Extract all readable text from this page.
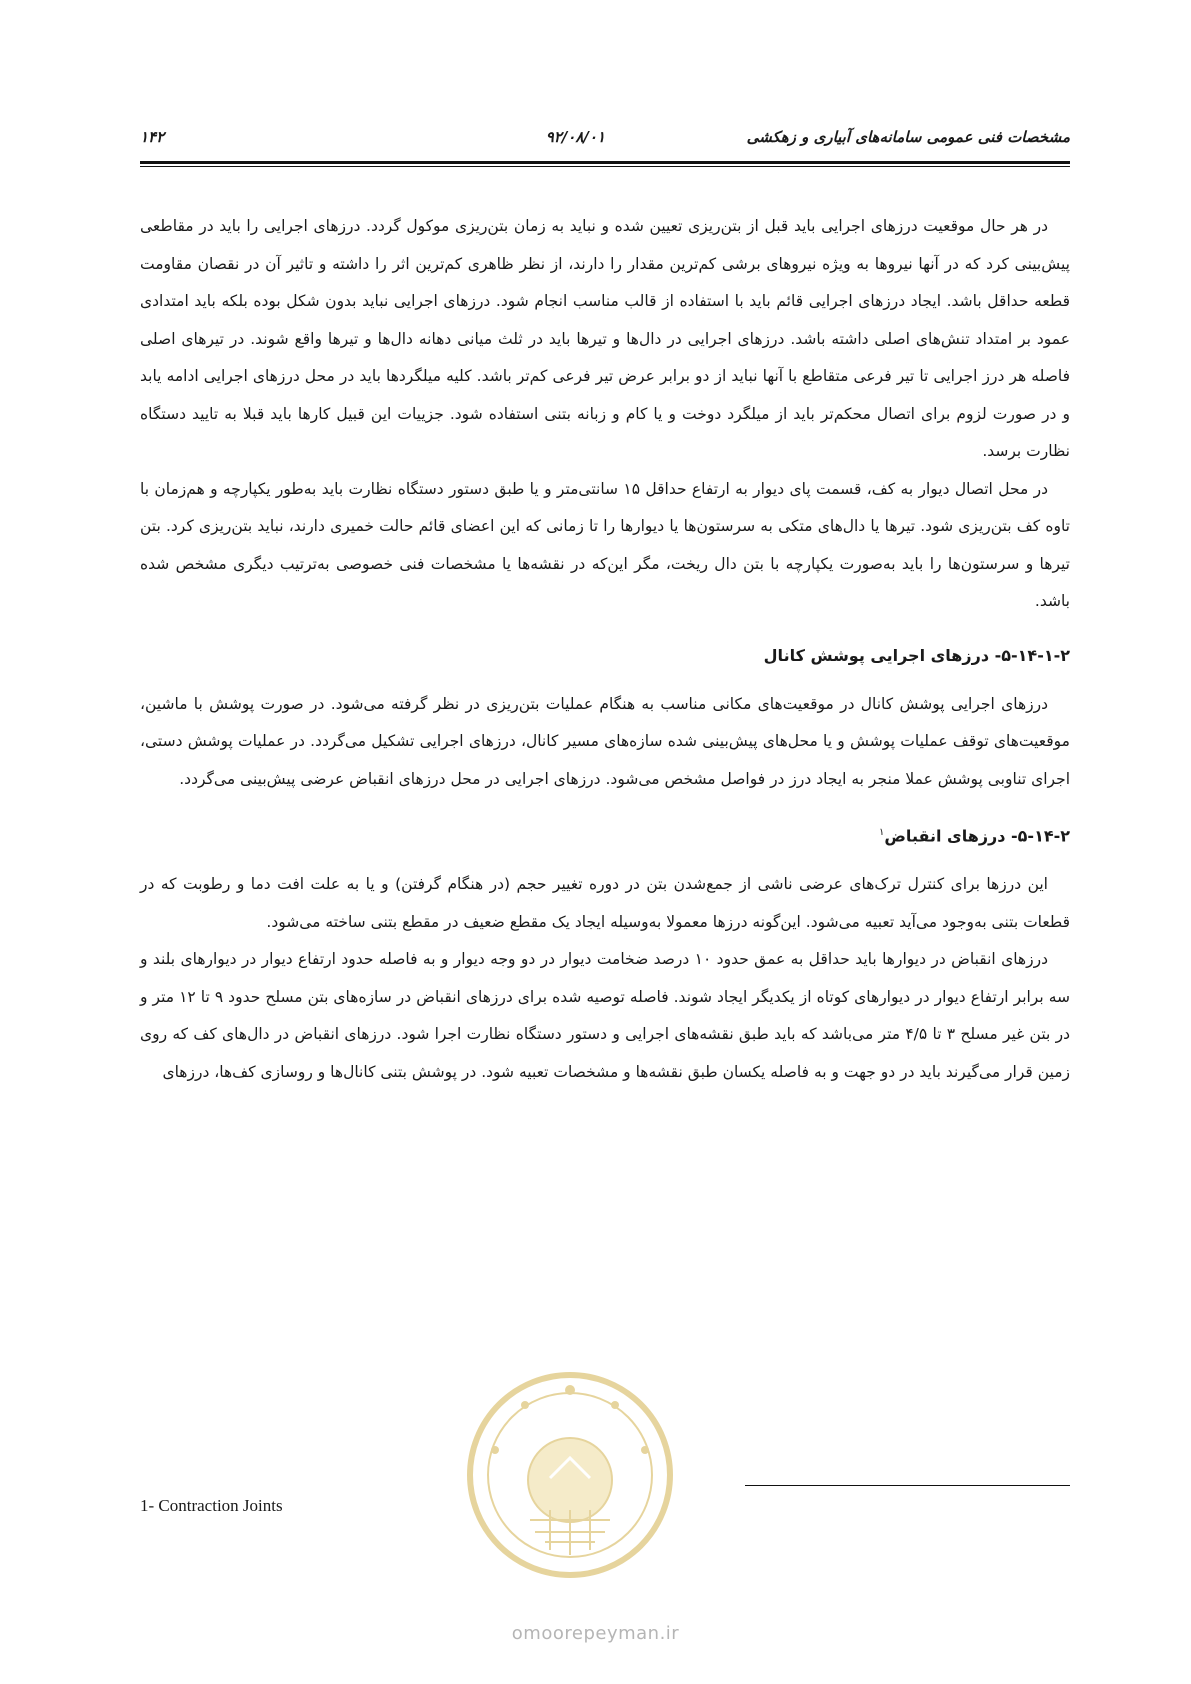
مشخصات فنی عمومی سامانه‌های آبیاری و زهکشی
۹۲/۰۸/۰۱
۱۴۲

در هر حال موقعیت درزهای اجرایی باید قبل از بتن‌ریزی تعیین شده و نباید به زمان بتن‌ریزی موکول گردد. درزهای اجرایی را باید در مقاطعی پیش‌بینی کرد که در آنها نیروها به ویژه نیروهای برشی کم‌ترین مقدار را دارند، از نظر ظاهری کم‌ترین اثر را داشته و تاثیر آن در نقصان مقاومت قطعه حداقل باشد. ایجاد درزهای اجرایی قائم باید با استفاده از قالب مناسب انجام شود. درزهای اجرایی نباید بدون شکل بوده بلکه باید امتدادی عمود بر امتداد تنش‌های اصلی داشته باشد. درزهای اجرایی در دال‌ها و تیرها باید در ثلث میانی دهانه دال‌ها و تیرها واقع شوند. در تیرهای اصلی فاصله هر درز اجرایی تا تیر فرعی متقاطع با آنها نباید از دو برابر عرض تیر فرعی کم‌تر باشد. کلیه میلگردها باید در محل درزهای اجرایی ادامه یابد و در صورت لزوم برای اتصال محکم‌تر باید از میلگرد دوخت و یا کام و زبانه بتنی استفاده شود. جزییات این قبیل کارها باید قبلا به تایید دستگاه نظارت برسد.

در محل اتصال دیوار به کف، قسمت پای دیوار به ارتفاع حداقل ۱۵ سانتی‌متر و یا طبق دستور دستگاه نظارت باید به‌طور یکپارچه و هم‌زمان با تاوه کف بتن‌ریزی شود. تیرها یا دال‌های متکی به سرستون‌ها یا دیوارها را تا زمانی که این اعضای قائم حالت خمیری دارند، نباید بتن‌ریزی کرد. بتن تیرها و سرستون‌ها را باید به‌صورت یکپارچه با بتن دال ریخت، مگر این‌که در نقشه‌ها یا مشخصات فنی خصوصی به‌ترتیب دیگری مشخص شده باشد.

۵-۱۴-۱-۲- درزهای اجرایی پوشش کانال

درزهای اجرایی پوشش کانال در موقعیت‌های مکانی مناسب به هنگام عملیات بتن‌ریزی در نظر گرفته می‌شود. در صورت پوشش با ماشین، موقعیت‌های توقف عملیات پوشش و یا محل‌های پیش‌بینی شده سازه‌های مسیر کانال، درزهای اجرایی تشکیل می‌گردد. در عملیات پوشش دستی، اجرای تناوبی پوشش عملا منجر به ایجاد درز در فواصل مشخص می‌شود. درزهای اجرایی در محل درزهای انقباض عرضی پیش‌بینی می‌گردد.

۵-۱۴-۲- درزهای انقباض$^۱$

این درزها برای کنترل ترک‌های عرضی ناشی از جمع‌شدن بتن در دوره تغییر حجم (در هنگام گرفتن) و یا به علت افت دما و رطوبت که در قطعات بتنی به‌وجود می‌آید تعبیه می‌شود. این‌گونه درزها معمولا به‌وسیله ایجاد یک مقطع ضعیف در مقطع بتنی ساخته می‌شود.

درزهای انقباض در دیوارها باید حداقل به عمق حدود ۱۰ درصد ضخامت دیوار در دو وجه دیوار و به فاصله حدود ارتفاع دیوار در دیوارهای بلند و سه برابر ارتفاع دیوار در دیوارهای کوتاه از یکدیگر ایجاد شوند. فاصله توصیه شده برای درزهای انقباض در سازه‌های بتن مسلح حدود ۹ تا ۱۲ متر و در بتن غیر مسلح ۳ تا ۴/۵ متر می‌باشد که باید طبق نقشه‌های اجرایی و دستور دستگاه نظارت اجرا شود. درزهای انقباض در دال‌های کف که روی زمین قرار می‌گیرند باید در دو جهت و به فاصله یکسان طبق نقشه‌ها و مشخصات تعبیه شود. در پوشش بتنی کانال‌ها و روسازی کف‌ها، درزهای

1- Contraction Joints
omoorepeyman.ir
